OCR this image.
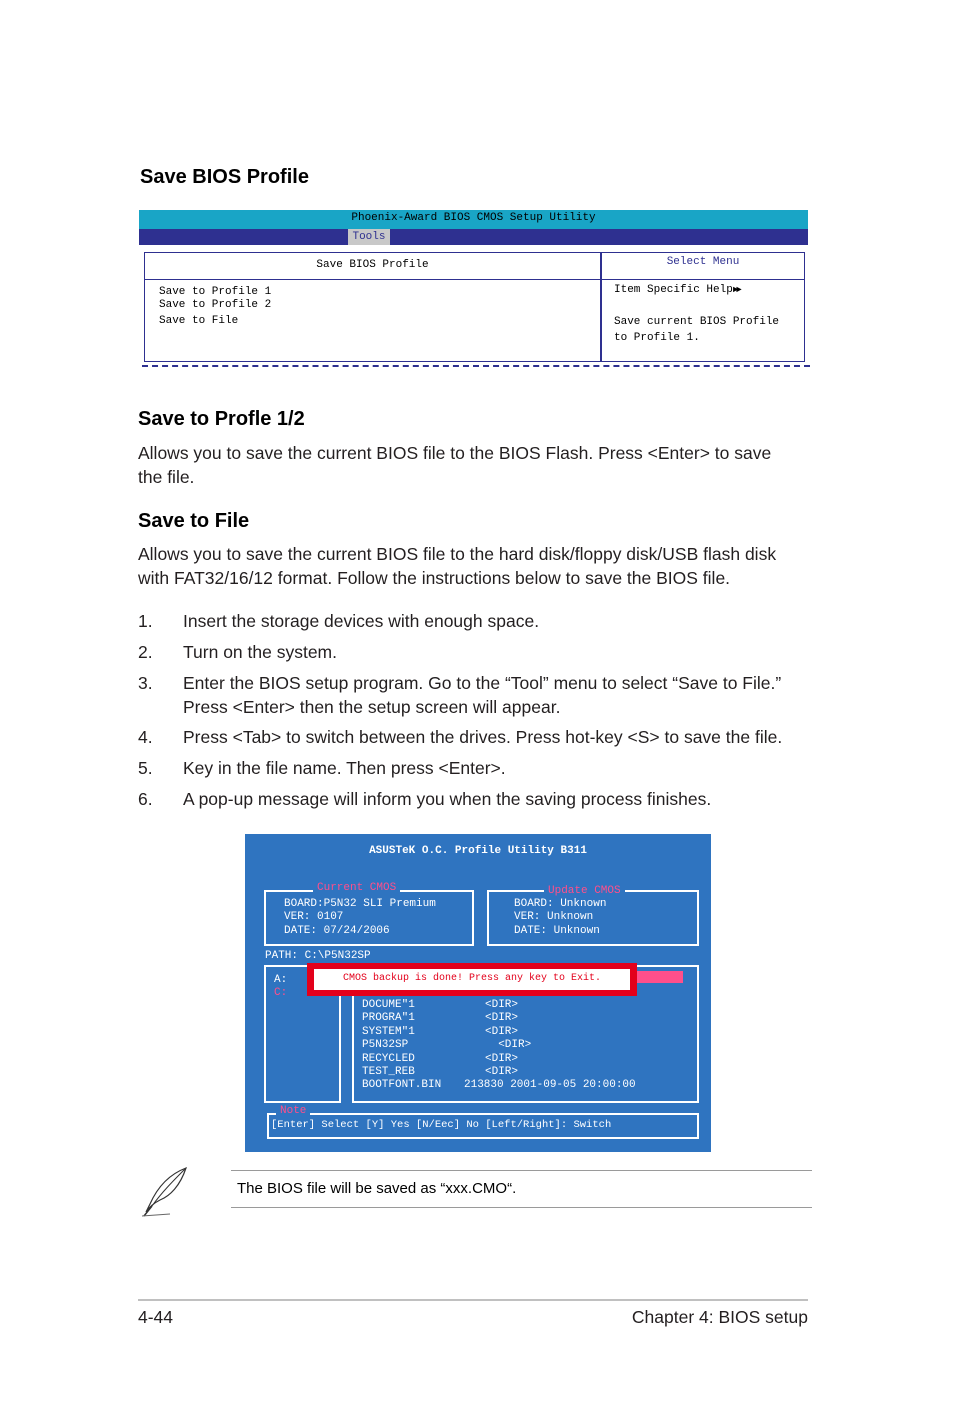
Save BIOS Profile
Phoenix-Award BIOS CMOS Setup Utility
Tools
Save BIOS Profile
Save to Profile 1
Save to Profile 2
Save to File
Select Menu
Item Specific Help►►
Save current BIOS Profile
to Profile 1.
Save to Profle 1/2
Allows you to save the current BIOS file to the BIOS Flash. Press <Enter> to save
the file.
Save to File
Allows you to save the current BIOS file to the hard disk/floppy disk/USB flash disk
with FAT32/16/12 format. Follow the instructions below to save the BIOS file.
1. Insert the storage devices with enough space.
2. Turn on the system.
3. Enter the BIOS setup program. Go to the “Tool” menu to select “Save to File.”
Press <Enter> then the setup screen will appear.
4. Press <Tab> to switch between the drives. Press hot-key <S> to save the file.
5. Key in the file name. Then press <Enter>.
6. A pop-up message will inform you when the saving process finishes.
ASUSTeK O.C. Profile Utility B311
Current CMOS
BOARD:P5N32 SLI Premium
VER: 0107
DATE: 07/24/2006
Update CMOS
BOARD: Unknown
VER: Unknown
DATE: Unknown
PATH: C:\P5N32SP
A:
C:
DOCUME"1	<DIR>
PROGRA"1	<DIR>
SYSTEM"1	<DIR>
P5N32SP	<DIR>
RECYCLED	<DIR>
TEST_REB	<DIR>
BOOTFONT.BIN 213830 2001-09-05 20:00:00
CMOS backup is done! Press any key to Exit.
Note
[Enter] Select [Y] Yes [N/Eec] No [Left/Right]: Switch
The BIOS file will be saved as “xxx.CMO“.
4-44	Chapter 4: BIOS setup
